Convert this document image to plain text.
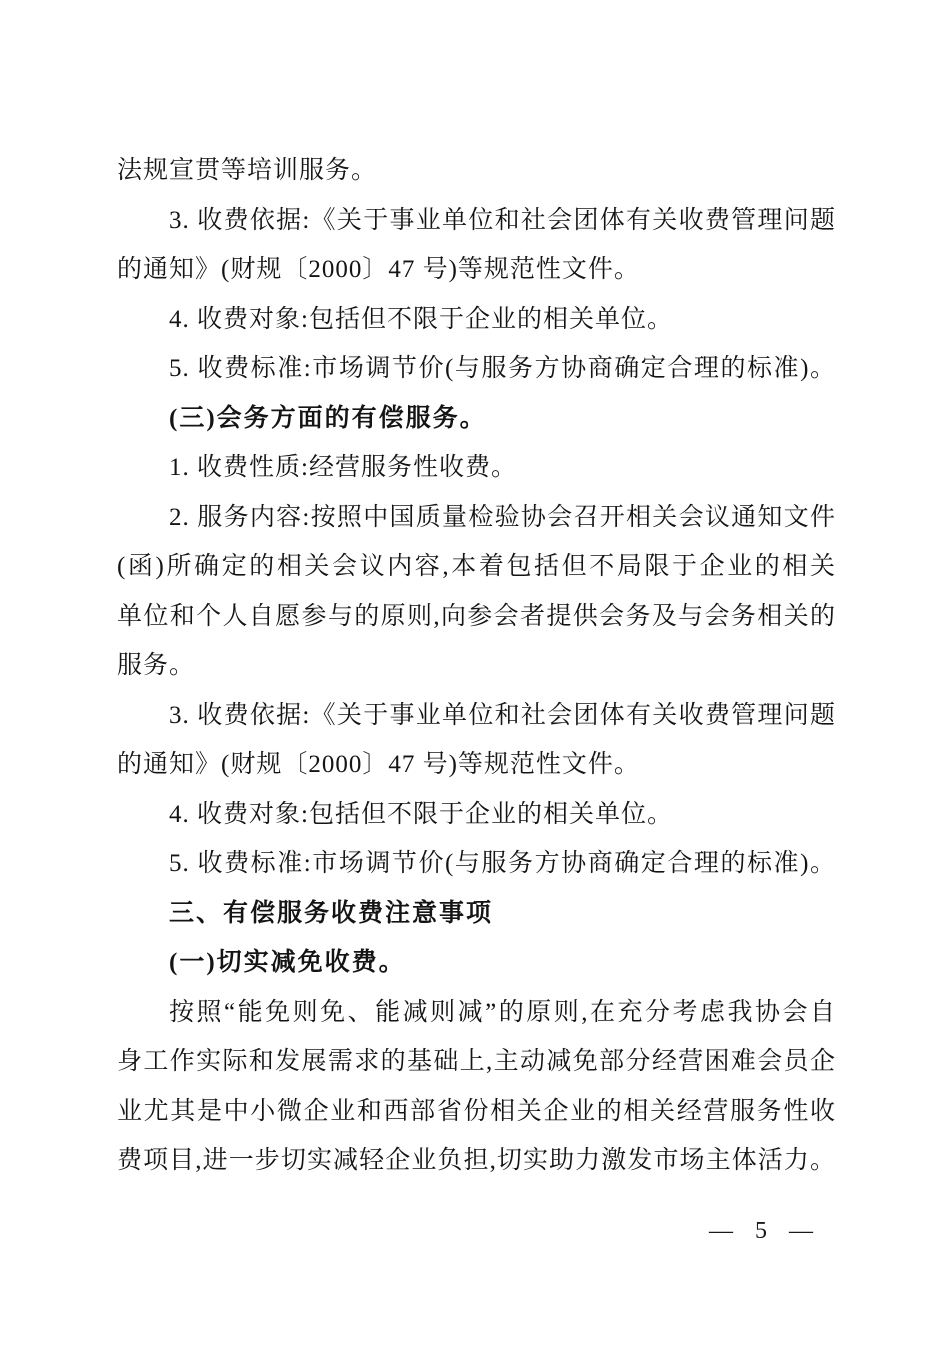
法规宣贯等培训服务。
3. 收费依据:《关于事业单位和社会团体有关收费管理问题
的通知》(财规〔2000〕47 号)等规范性文件。
4. 收费对象:包括但不限于企业的相关单位。
5. 收费标准:市场调节价(与服务方协商确定合理的标准)。
(三)会务方面的有偿服务。
1. 收费性质:经营服务性收费。
2. 服务内容:按照中国质量检验协会召开相关会议通知文件
(函)所确定的相关会议内容,本着包括但不局限于企业的相关
单位和个人自愿参与的原则,向参会者提供会务及与会务相关的
服务。
3. 收费依据:《关于事业单位和社会团体有关收费管理问题
的通知》(财规〔2000〕47 号)等规范性文件。
4. 收费对象:包括但不限于企业的相关单位。
5. 收费标准:市场调节价(与服务方协商确定合理的标准)。
三、有偿服务收费注意事项
(一)切实减免收费。
按照“能免则免、能减则减”的原则,在充分考虑我协会自
身工作实际和发展需求的基础上,主动减免部分经营困难会员企
业尤其是中小微企业和西部省份相关企业的相关经营服务性收
费项目,进一步切实减轻企业负担,切实助力激发市场主体活力。
— 5 —
